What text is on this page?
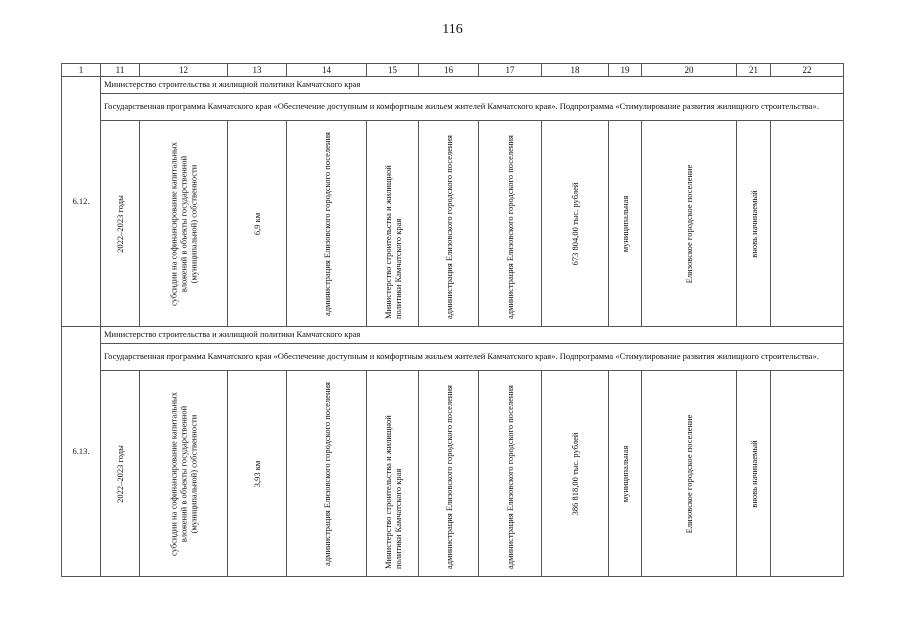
116
1	11	12	13	14	15	16	17	18	19	20	21	22
6.12.	Министерство строительства и жилищной политики Камчатского края											
	Государственная программа Камчатского края «Обеспечение доступным и комфортным жильем жителей Камчатского края». Подпрограмма «Стимулирование развития жилищного строительства».											

	2022–2023 годы	субсидии на софинансирование капитальных вложений в объекты государственной (муниципальной) собственности	6,9 км	администрация Елизовского городского поселения	Министерство строительства и жилищной политики Камчатского края	администрация Елизовского городского поселения	администрация Елизовского городского поселения	673 804,00 тыс. рублей	муниципальная	Елизовское городское поселение	вновь начинаемый	

6.13.	Министерство строительства и жилищной политики Камчатского края											
	Государственная программа Камчатского края «Обеспечение доступным и комфортным жильем жителей Камчатского края». Подпрограмма «Стимулирование развития жилищного строительства».											

	2022–2023 годы	субсидии на софинансирование капитальных вложений в объекты государственной (муниципальной) собственности	3,93 км	администрация Елизовского городского поселения	Министерство строительства и жилищной политики Камчатского края	администрация Елизовского городского поселения	администрация Елизовского городского поселения	386 818,00 тыс. рублей	муниципальная	Елизовское городское поселение	вновь начинаемый	
